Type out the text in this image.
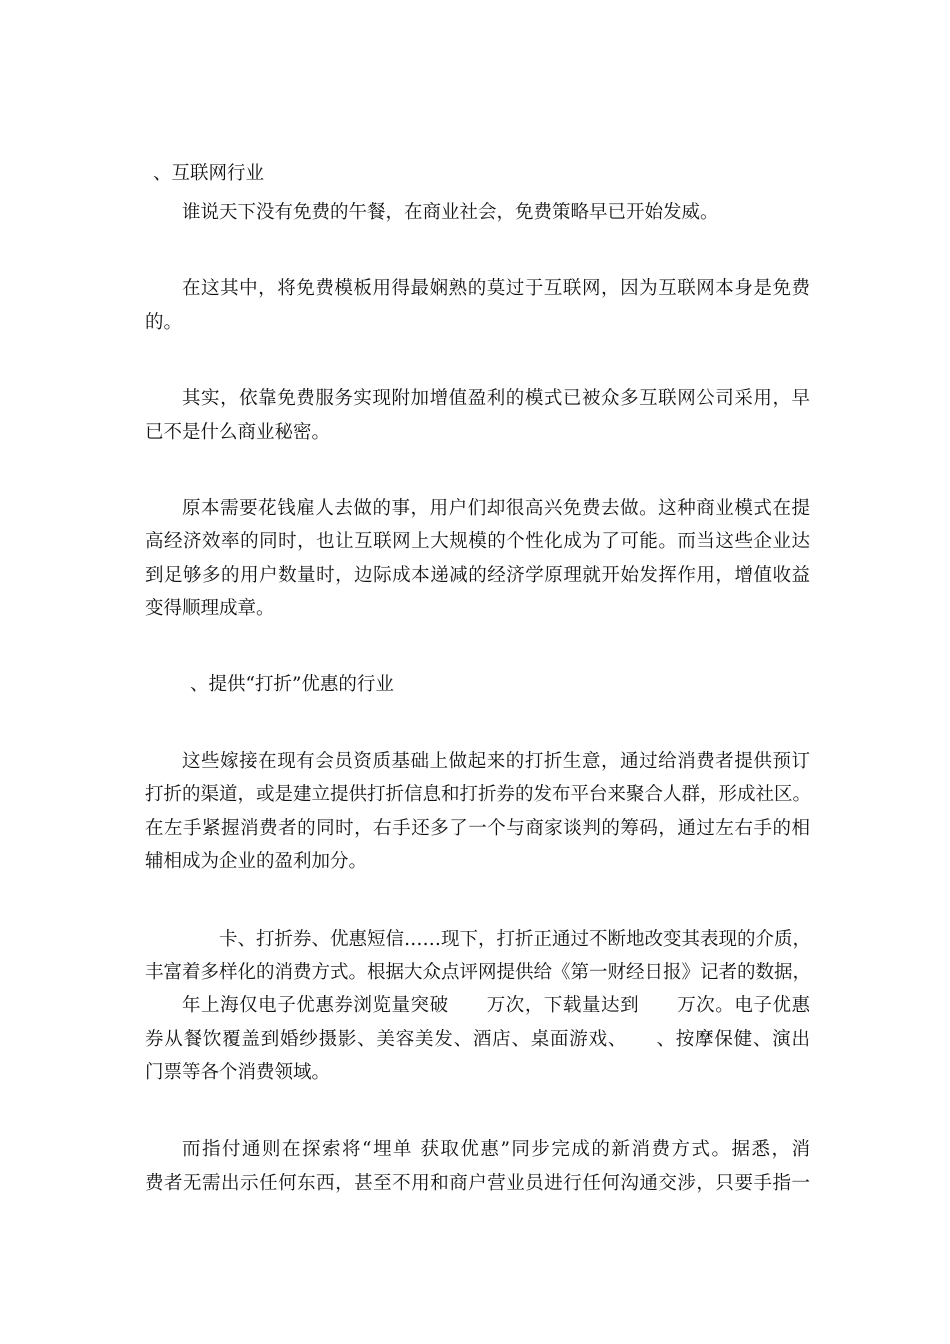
、互联网行业

谁说天下没有免费的午餐，在商业社会，免费策略早已开始发威。

在这其中，将免费模板用得最娴熟的莫过于互联网，因为互联网本身是免费

的。

其实，依靠免费服务实现附加增值盈利的模式已被众多互联网公司采用，早

已不是什么商业秘密。

原本需要花钱雇人去做的事，用户们却很高兴免费去做。这种商业模式在提

高经济效率的同时，也让互联网上大规模的个性化成为了可能。而当这些企业达

到足够多的用户数量时，边际成本递减的经济学原理就开始发挥作用，增值收益

变得顺理成章。

、提供“打折”优惠的行业

这些嫁接在现有会员资质基础上做起来的打折生意，通过给消费者提供预订

打折的渠道，或是建立提供打折信息和打折券的发布平台来聚合人群，形成社区。

在左手紧握消费者的同时，右手还多了一个与商家谈判的筹码，通过左右手的相

辅相成为企业的盈利加分。

卡、打折券、优惠短信……现下，打折正通过不断地改变其表现的介质，

丰富着多样化的消费方式。根据大众点评网提供给《第一财经日报》记者的数据，

年上海仅电子优惠券浏览量突破　　万次，下载量达到　　万次。电子优惠

券从餐饮覆盖到婚纱摄影、美容美发、酒店、桌面游戏、　　、按摩保健、演出

门票等各个消费领域。

而指付通则在探索将“埋单 获取优惠”同步完成的新消费方式。据悉，消

费者无需出示任何东西，甚至不用和商户营业员进行任何沟通交涉，只要手指一
